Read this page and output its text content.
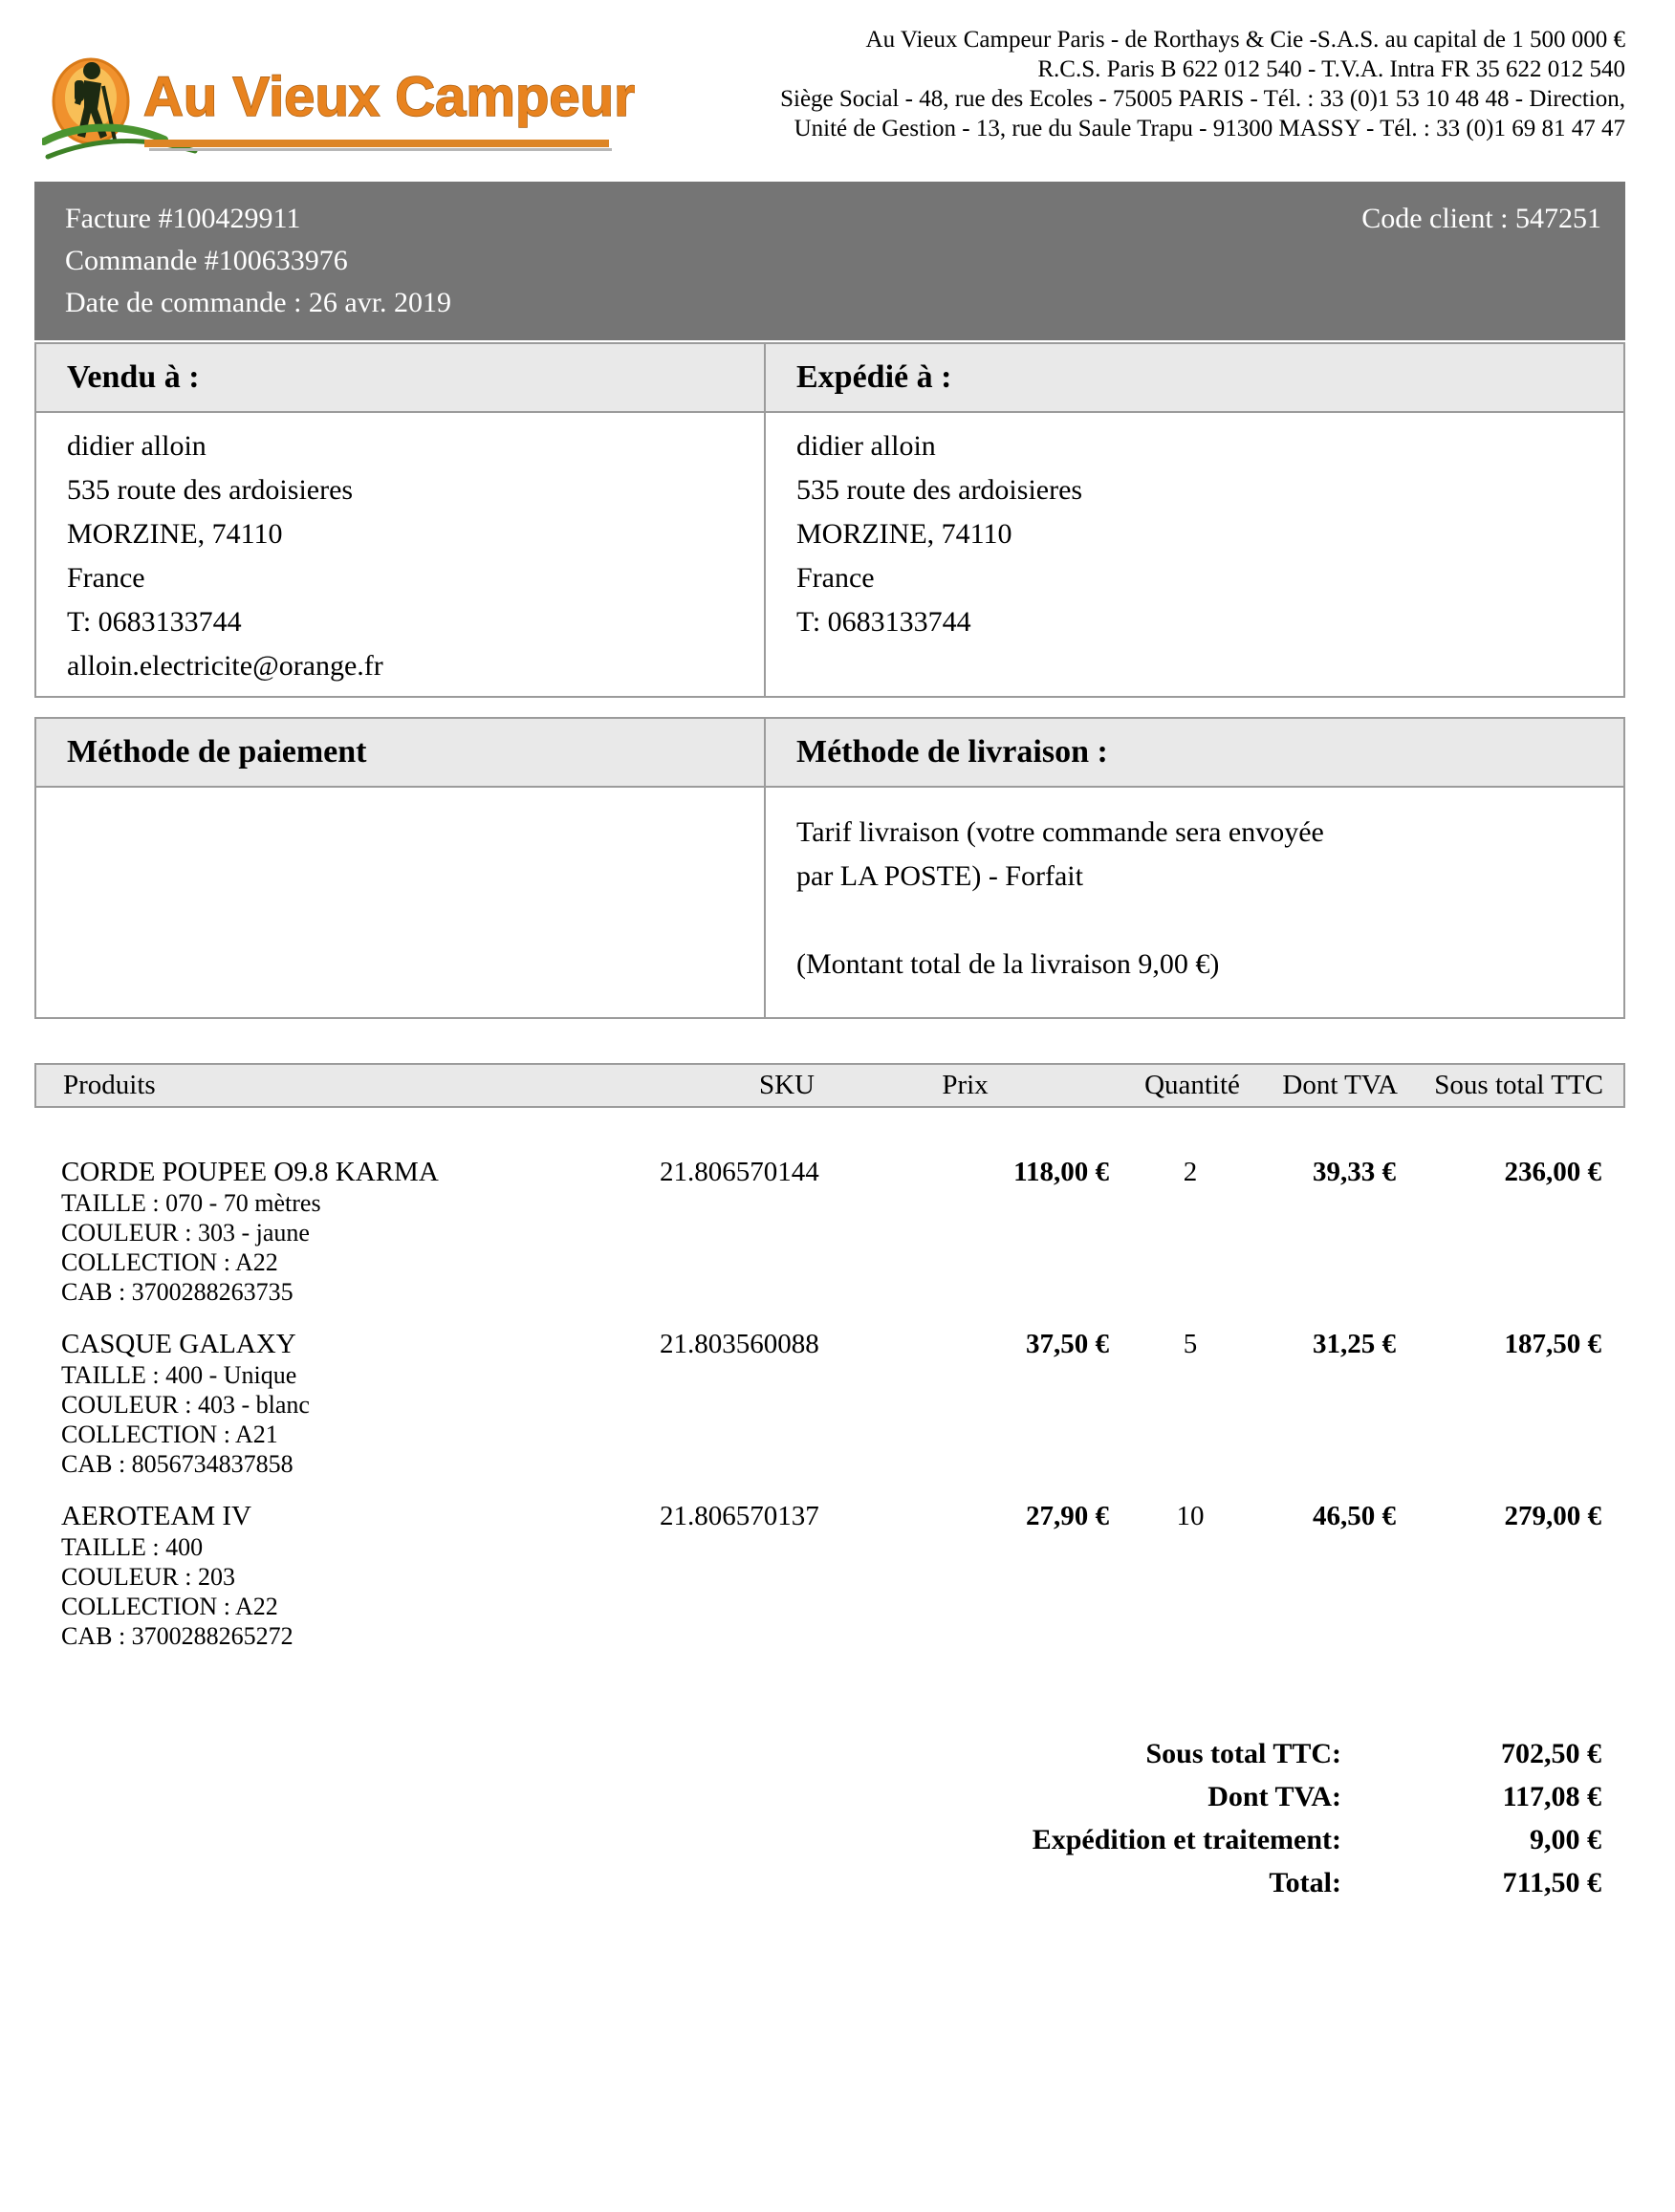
Au Vieux Campeur
Au Vieux Campeur Paris - de Rorthays & Cie -S.A.S. au capital de 1 500 000 €
R.C.S. Paris B 622 012 540 - T.V.A. Intra FR 35 622 012 540
Siège Social - 48, rue des Ecoles - 75005 PARIS - Tél. : 33 (0)1 53 10 48 48 - Direction,
Unité de Gestion - 13, rue du Saule Trapu - 91300 MASSY - Tél. : 33 (0)1 69 81 47 47
Facture #100429911
Commande #100633976
Date de commande : 26 avr. 2019
Code client : 547251
Vendu à :	Expédié à :
didier alloin
535 route des ardoisieres
MORZINE, 74110
France
T: 0683133744
alloin.electricite@orange.fr
didier alloin
535 route des ardoisieres
MORZINE, 74110
France
T: 0683133744
Méthode de paiement	Méthode de livraison :
Tarif livraison (votre commande sera envoyée
par LA POSTE) - Forfait
(Montant total de la livraison 9,00 €)
Produits	SKU	Prix	Quantité	Dont TVA	Sous total TTC
CORDE POUPEE O9.8 KARMA
TAILLE : 070 - 70 mètres
COULEUR : 303 - jaune
COLLECTION : A22
CAB : 3700288263735
21.806570144	118,00 €	2	39,33 €	236,00 €
CASQUE GALAXY
TAILLE : 400 - Unique
COULEUR : 403 - blanc
COLLECTION : A21
CAB : 8056734837858
21.803560088	37,50 €	5	31,25 €	187,50 €
AEROTEAM IV
TAILLE : 400
COULEUR : 203
COLLECTION : A22
CAB : 3700288265272
21.806570137	27,90 €	10	46,50 €	279,00 €
Sous total TTC:	702,50 €
Dont TVA:	117,08 €
Expédition et traitement:	9,00 €
Total:	711,50 €
